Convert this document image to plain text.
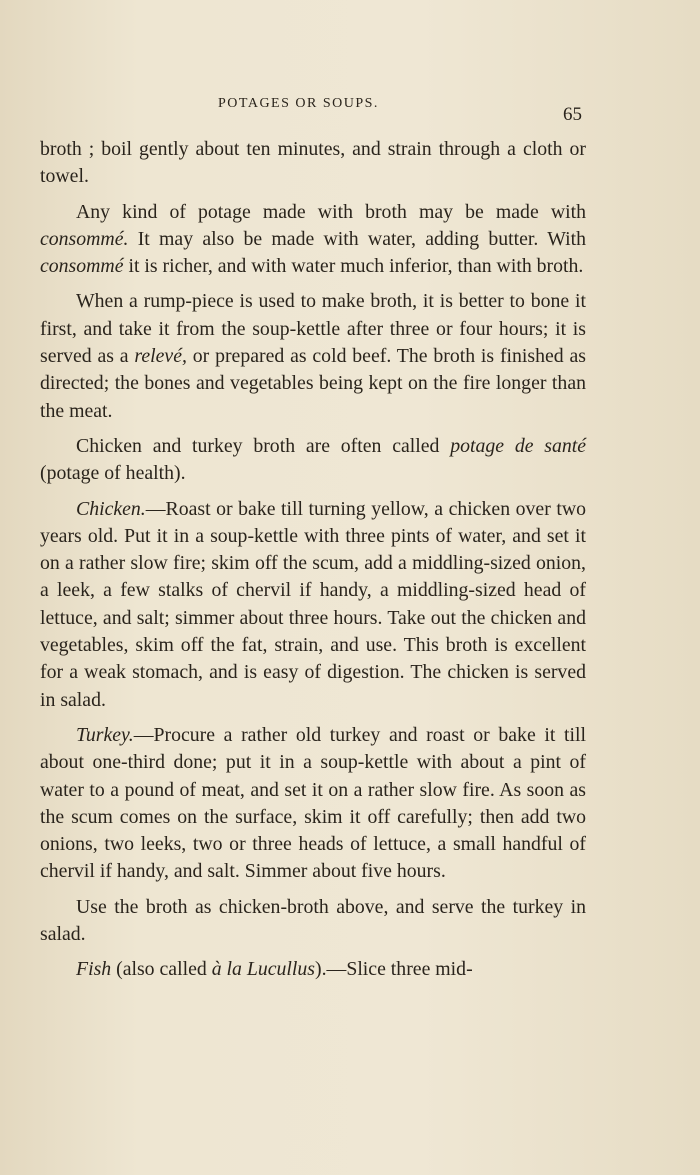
POTAGES OR SOUPS.
65

broth ; boil gently about ten minutes, and strain through a cloth or towel.

Any kind of potage made with broth may be made with consommé. It may also be made with water, adding butter. With consommé it is richer, and with water much inferior, than with broth.

When a rump-piece is used to make broth, it is better to bone it first, and take it from the soup-kettle after three or four hours; it is served as a relevé, or prepared as cold beef. The broth is finished as directed; the bones and vegetables being kept on the fire longer than the meat.

Chicken and turkey broth are often called potage de santé (potage of health).

Chicken.—Roast or bake till turning yellow, a chicken over two years old. Put it in a soup-kettle with three pints of water, and set it on a rather slow fire; skim off the scum, add a middling-sized onion, a leek, a few stalks of chervil if handy, a middling-sized head of lettuce, and salt; simmer about three hours. Take out the chicken and vegetables, skim off the fat, strain, and use. This broth is excellent for a weak stomach, and is easy of digestion. The chicken is served in salad.

Turkey.—Procure a rather old turkey and roast or bake it till about one-third done; put it in a soup-kettle with about a pint of water to a pound of meat, and set it on a rather slow fire. As soon as the scum comes on the surface, skim it off carefully; then add two onions, two leeks, two or three heads of lettuce, a small handful of chervil if handy, and salt. Simmer about five hours.

Use the broth as chicken-broth above, and serve the turkey in salad.

Fish (also called à la Lucullus).—Slice three mid-
